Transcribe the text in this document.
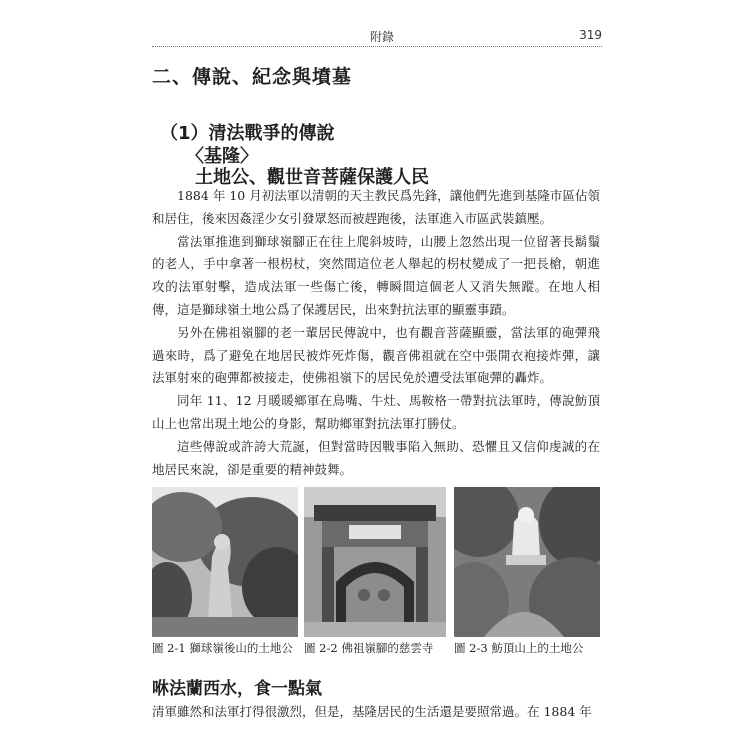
附錄	319
二、傳說、紀念與墳墓
（1）清法戰爭的傳說
〈基隆〉
土地公、觀世音菩薩保護人民

1884 年 10 月初法軍以清朝的天主教民爲先鋒，讓他們先進到基隆市區佔領和居住，後來因姦淫少女引發眾怒而被趕跑後，法軍進入市區武裝鎮壓。

當法軍推進到獅球嶺腳正在往上爬斜坡時，山腰上忽然出現一位留著長鬍鬚的老人，手中拿著一根枴杖，突然間這位老人舉起的枴杖變成了一把長槍，朝進攻的法軍射擊，造成法軍一些傷亡後，轉瞬間這個老人又消失無蹤。在地人相傳，這是獅球嶺土地公爲了保護居民，出來對抗法軍的顯靈事蹟。

另外在佛祖嶺腳的老一輩居民傳說中，也有觀音菩薩顯靈，當法軍的砲彈飛過來時，爲了避免在地居民被炸死炸傷，觀音佛祖就在空中張開衣袍接炸彈，讓法軍射來的砲彈都被接走，使佛祖嶺下的居民免於遭受法軍砲彈的轟炸。

同年 11、12 月暖暖鄉軍在鳥嘴、牛灶、馬鞍格一帶對抗法軍時，傳說魴頂山上也常出現土地公的身影，幫助鄉軍對抗法軍打勝仗。

這些傳說或許誇大荒誕，但對當時因戰事陷入無助、恐懼且又信仰虔誠的在地居民來說，卻是重要的精神鼓舞。

圖 2-1 獅球嶺後山的土地公 圖 2-2 佛祖嶺腳的慈雲寺 圖 2-3 魴頂山上的土地公
咻法蘭西水，食一點氣
清軍雖然和法軍打得很激烈，但是，基隆居民的生活還是要照常過。在 1884 年
